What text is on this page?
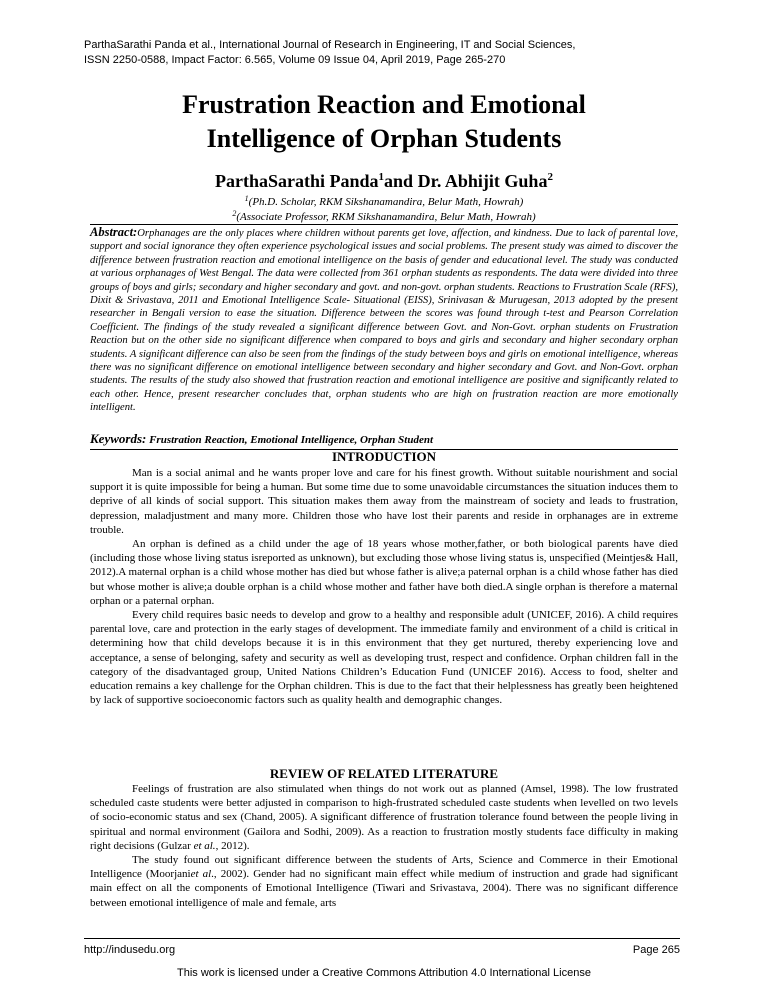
ParthaSarathi Panda et al., International Journal of Research in Engineering, IT and Social Sciences,
ISSN 2250-0588, Impact Factor: 6.565, Volume 09 Issue 04, April 2019, Page 265-270
Frustration Reaction and Emotional
Intelligence of Orphan Students
ParthaSarathi Panda$^1$and Dr. Abhijit Guha$^2$
$^1$(Ph.D. Scholar, RKM Sikshanamandira, Belur Math, Howrah)
$^2$(Associate Professor, RKM Sikshanamandira, Belur Math, Howrah)
Abstract:Orphanages are the only places where children without parents get love, affection, and kindness. Due to lack of parental love, support and social ignorance they often experience psychological issues and social problems. The present study was aimed to discover the difference between frustration reaction and emotional intelligence on the basis of gender and educational level. The study was conducted at various orphanages of West Bengal. The data were collected from 361 orphan students as respondents. The data were divided into three groups of boys and girls; secondary and higher secondary and govt. and non-govt. orphan students. Reactions to Frustration Scale (RFS), Dixit & Srivastava, 2011 and Emotional Intelligence Scale- Situational (EISS), Srinivasan & Murugesan, 2013 adopted by the present researcher in Bengali version to ease the situation. Difference between the scores was found through t-test and Pearson Correlation Coefficient. The findings of the study revealed a significant difference between Govt. and Non-Govt. orphan students on Frustration Reaction but on the other side no significant difference when compared to boys and girls and secondary and higher secondary orphan students. A significant difference can also be seen from the findings of the study between boys and girls on emotional intelligence, whereas there was no significant difference on emotional intelligence between secondary and higher secondary and Govt. and Non-Govt. orphan students. The results of the study also showed that frustration reaction and emotional intelligence are positive and significantly related to each other. Hence, present researcher concludes that, orphan students who are high on frustration reaction are more emotionally intelligent.
Keywords: Frustration Reaction, Emotional Intelligence, Orphan Student
INTRODUCTION

Man is a social animal and he wants proper love and care for his finest growth. Without suitable nourishment and social support it is quite impossible for being a human. But some time due to some unavoidable circumstances the situation induces them to deprive of all kinds of social support. This situation makes them away from the mainstream of society and leads to frustration, depression, maladjustment and many more. Children those who have lost their parents and reside in orphanages are in extreme trouble.

An orphan is defined as a child under the age of 18 years whose mother,father, or both biological parents have died (including those whose living status isreported as unknown), but excluding those whose living status is, unspecified (Meintjes& Hall, 2012).A maternal orphan is a child whose mother has died but whose father is alive;a paternal orphan is a child whose father has died but whose mother is alive;a double orphan is a child whose mother and father have both died.A single orphan is therefore a maternal orphan or a paternal orphan.

Every child requires basic needs to develop and grow to a healthy and responsible adult (UNICEF, 2016). A child requires parental love, care and protection in the early stages of development. The immediate family and environment of a child is critical in determining how that child develops because it is in this environment that they get nurtured, thereby experiencing love and acceptance, a sense of belonging, safety and security as well as developing trust, respect and confidence. Orphan children fall in the category of the disadvantaged group, United Nations Children’s Education Fund (UNICEF 2016). Access to food, shelter and education remains a key challenge for the Orphan children. This is due to the fact that their helplessness has greatly been heightened by lack of supportive socioeconomic factors such as quality health and demographic changes.

REVIEW OF RELATED LITERATURE

Feelings of frustration are also stimulated when things do not work out as planned (Amsel, 1998). The low frustrated scheduled caste students were better adjusted in comparison to high-frustrated scheduled caste students when levelled on two levels of socio-economic status and sex (Chand, 2005). A significant difference of frustration tolerance found between the people living in spiritual and normal environment (Gailora and Sodhi, 2009). As a reaction to frustration mostly students face difficulty in making right decisions (Gulzar et al., 2012).

The study found out significant difference between the students of Arts, Science and Commerce in their Emotional Intelligence (Moorjaniet al., 2002). Gender had no significant main effect while medium of instruction and grade had significant main effect on all the components of Emotional Intelligence (Tiwari and Srivastava, 2004). There was no significant difference between emotional intelligence of male and female, arts

http://indusedu.org	Page 265
This work is licensed under a Creative Commons Attribution 4.0 International License
